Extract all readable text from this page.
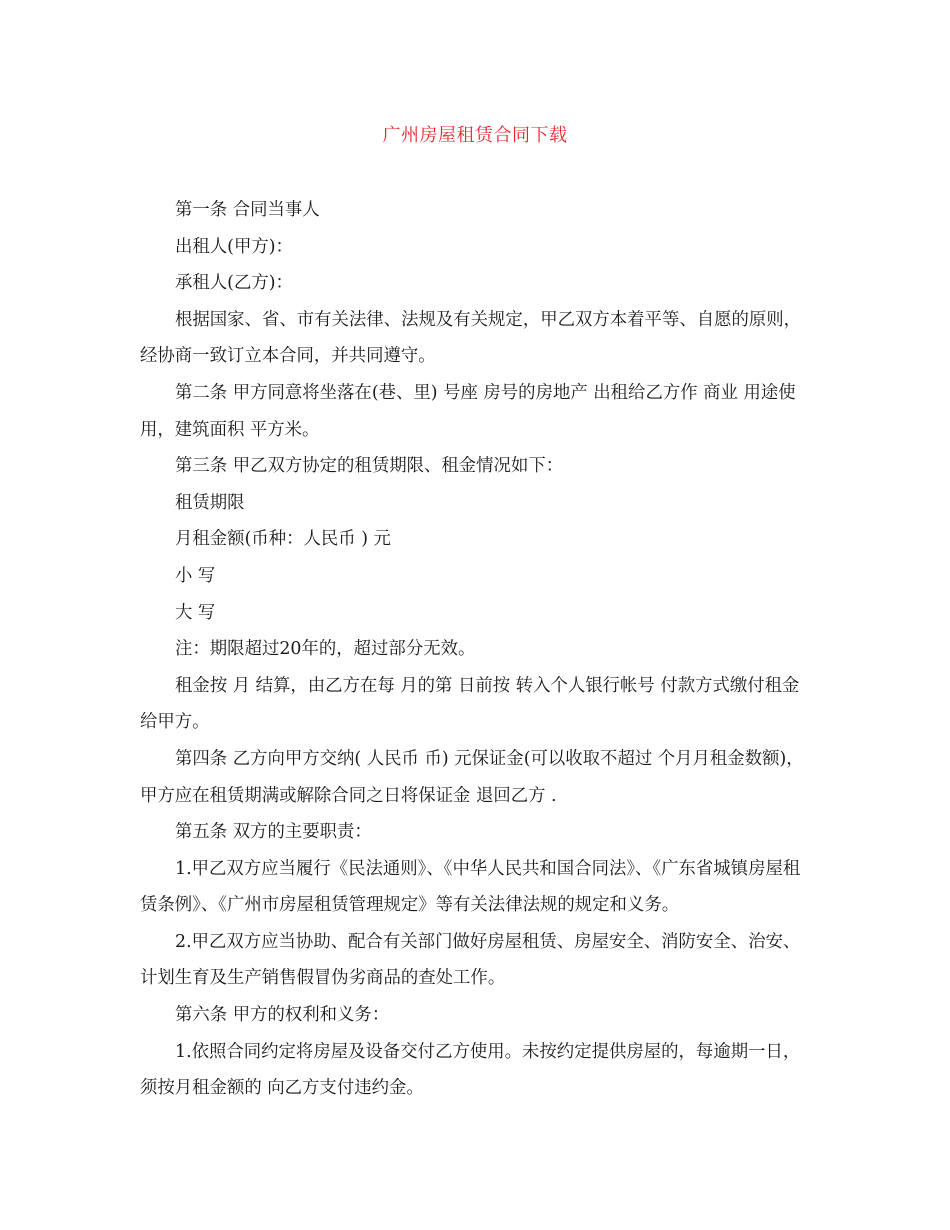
广州房屋租赁合同下载

第一条 合同当事人

出租人(甲方)：

承租人(乙方)：

根据国家、省、市有关法律、法规及有关规定，甲乙双方本着平等、自愿的原则，经协商一致订立本合同，并共同遵守。

第二条 甲方同意将坐落在(巷、里) 号座 房号的房地产 出租给乙方作 商业 用途使用，建筑面积 平方米。

第三条 甲乙双方协定的租赁期限、租金情况如下：

租赁期限

月租金额(币种：人民币 ) 元

小 写

大 写

注：期限超过20年的，超过部分无效。

租金按 月 结算，由乙方在每 月的第 日前按 转入个人银行帐号 付款方式缴付租金给甲方。

第四条 乙方向甲方交纳( 人民币 币) 元保证金(可以收取不超过 个月月租金数额)，甲方应在租赁期满或解除合同之日将保证金 退回乙方 .

第五条 双方的主要职责：

1.甲乙双方应当履行《民法通则》、《中华人民共和国合同法》、《广东省城镇房屋租赁条例》、《广州市房屋租赁管理规定》等有关法律法规的规定和义务。

2.甲乙双方应当协助、配合有关部门做好房屋租赁、房屋安全、消防安全、治安、计划生育及生产销售假冒伪劣商品的查处工作。

第六条 甲方的权利和义务：

1.依照合同约定将房屋及设备交付乙方使用。未按约定提供房屋的，每逾期一日，须按月租金额的 向乙方支付违约金。
